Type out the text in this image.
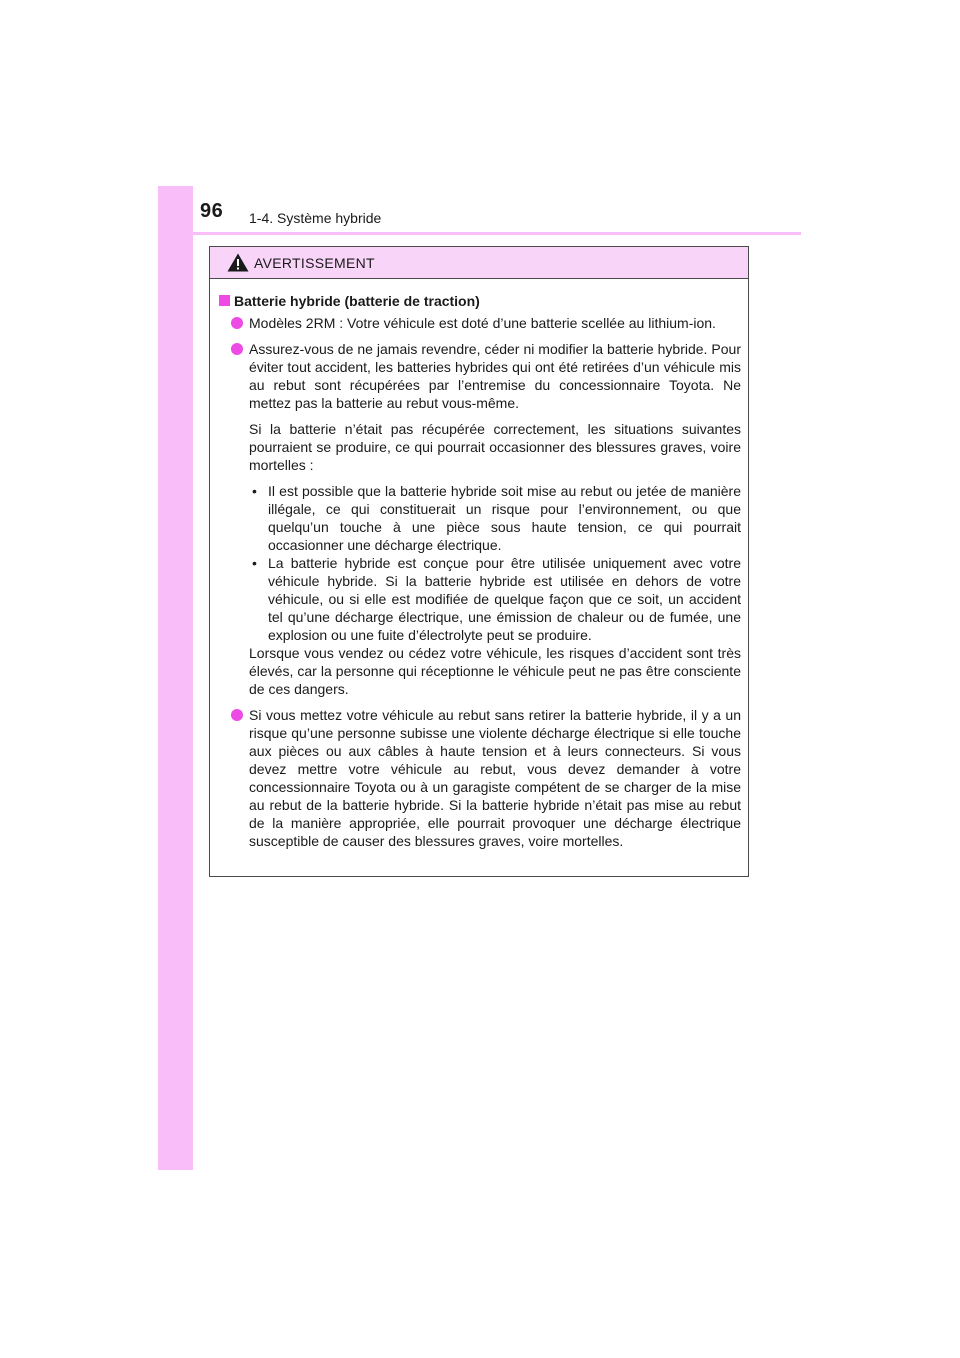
96 1-4. Système hybride
AVERTISSEMENT
Batterie hybride (batterie de traction)
Modèles 2RM : Votre véhicule est doté d’une batterie scellée au lithium-ion.
Assurez-vous de ne jamais revendre, céder ni modifier la batterie hybride. Pour éviter tout accident, les batteries hybrides qui ont été retirées d’un véhicule mis au rebut sont récupérées par l’entremise du concessionnaire Toyota. Ne mettez pas la batterie au rebut vous-même.
Si la batterie n’était pas récupérée correctement, les situations suivantes pourraient se produire, ce qui pourrait occasionner des blessures graves, voire mortelles :
• Il est possible que la batterie hybride soit mise au rebut ou jetée de manière illégale, ce qui constituerait un risque pour l’environnement, ou que quelqu’un touche à une pièce sous haute tension, ce qui pourrait occasionner une décharge électrique.
• La batterie hybride est conçue pour être utilisée uniquement avec votre véhicule hybride. Si la batterie hybride est utilisée en dehors de votre véhicule, ou si elle est modifiée de quelque façon que ce soit, un accident tel qu’une décharge électrique, une émission de chaleur ou de fumée, une explosion ou une fuite d’électrolyte peut se produire.
Lorsque vous vendez ou cédez votre véhicule, les risques d’accident sont très élevés, car la personne qui réceptionne le véhicule peut ne pas être consciente de ces dangers.
Si vous mettez votre véhicule au rebut sans retirer la batterie hybride, il y a un risque qu’une personne subisse une violente décharge électrique si elle touche aux pièces ou aux câbles à haute tension et à leurs connecteurs. Si vous devez mettre votre véhicule au rebut, vous devez demander à votre concessionnaire Toyota ou à un garagiste compétent de se charger de la mise au rebut de la batterie hybride. Si la batterie hybride n’était pas mise au rebut de la manière appropriée, elle pourrait provoquer une décharge électrique susceptible de causer des blessures graves, voire mortelles.
